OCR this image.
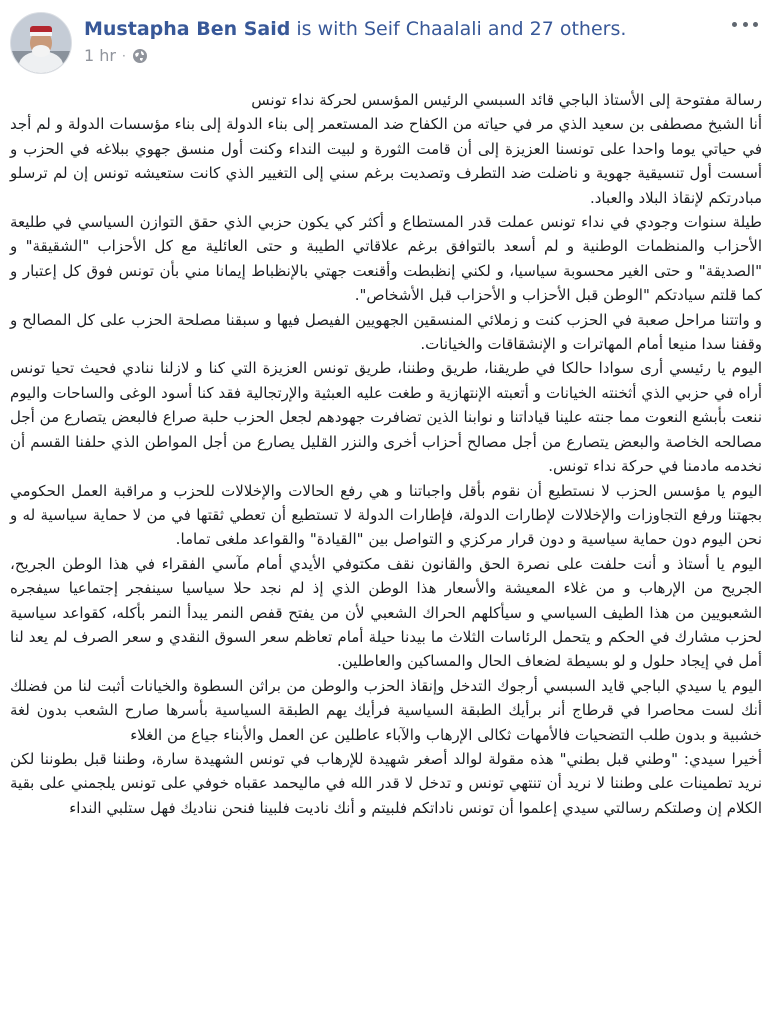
Mustapha Ben Said is with Seif Chaalali and 27 others.
1 hr ·

رسالة مفتوحة إلى الأستاذ الباجي قائد السبسي الرئيس المؤسس لحركة نداء تونس

أنا الشيخ مصطفى بن سعيد الذي مر في حياته من الكفاح ضد المستعمر إلى بناء الدولة إلى بناء مؤسسات الدولة و لم أجد في حياتي يوما واحدا على تونسنا العزيزة إلى أن قامت الثورة و لبيت النداء وكنت أول منسق جهوي ببلاغه في الحزب و أسست أول تنسيقية جهوية و ناضلت ضد التطرف وتصديت برغم سني إلى التغيير الذي كانت ستعيشه تونس إن لم ترسلو مبادرتكم لإنقاذ البلاد والعباد.

طيلة سنوات وجودي في نداء تونس عملت قدر المستطاع و أكثر كي يكون حزبي الذي حقق التوازن السياسي في طليعة الأحزاب والمنظمات الوطنية و لم أسعد بالتوافق برغم علاقاتي الطيبة و حتى العائلية مع كل الأحزاب "الشقيقة" و "الصديقة" و حتى الغير محسوبة سياسيا، و لكني إنظبطت وأقنعت جهتي بالإنظباط إيمانا مني بأن تونس فوق كل إعتبار و كما قلتم سيادتكم "الوطن قبل الأحزاب و الأحزاب قبل الأشخاص".

و واتتنا مراحل صعبة في الحزب كنت و زملائي المنسقين الجهويين الفيصل فيها و سبقنا مصلحة الحزب على كل المصالح و وقفنا سدا منيعا أمام المهاترات و الإنشقاقات والخيانات.

اليوم يا رئيسي أرى سوادا حالكا في طريقنا، طريق وطننا، طريق تونس العزيزة التي كنا و لازلنا ننادي فحيث تحيا تونس أراه في حزبي الذي أثخنته الخيانات و أتعبته الإنتهازية و طغت عليه العبثية والإرتجالية فقد كنا أسود الوغى والساحات واليوم ننعت بأبشع النعوت مما جنته علينا قياداتنا و نوابنا الذين تضافرت جهودهم لجعل الحزب حلبة صراع فالبعض يتصارع من أجل مصالحه الخاصة والبعض يتصارع من أجل مصالح أحزاب أخرى والنزر القليل يصارع من أجل المواطن الذي حلفنا القسم أن نخدمه مادمنا في حركة نداء تونس.

اليوم يا مؤسس الحزب لا نستطيع أن نقوم بأقل واجباتنا و هي رفع الحالات والإخلالات للحزب و مراقبة العمل الحكومي بجهتنا ورفع التجاوزات والإخلالات لإطارات الدولة، فإطارات الدولة لا تستطيع أن تعطي ثقتها في من لا حماية سياسية له و نحن اليوم دون حماية سياسية و دون قرار مركزي و التواصل بين "القيادة" والقواعد ملغى تماما.

اليوم يا أستاذ و أنت حلفت على نصرة الحق والقانون نقف مكتوفي الأيدي أمام مآسي الفقراء في هذا الوطن الجريح، الجريح من الإرهاب و من غلاء المعيشة والأسعار هذا الوطن الذي إذ لم نجد حلا سياسيا سينفجر إجتماعيا سيفجره الشعبويين من هذا الطيف السياسي و سيأكلهم الحراك الشعبي لأن من يفتح قفص النمر يبدأ النمر بأكله، كقواعد سياسية لحزب مشارك في الحكم و يتحمل الرئاسات الثلاث ما بيدنا حيلة أمام تعاظم سعر السوق النقدي و سعر الصرف لم يعد لنا أمل في إيجاد حلول و لو بسيطة لضعاف الحال والمساكين والعاطلين.

اليوم يا سيدي الباجي قايد السبسي أرجوك التدخل وإنقاذ الحزب والوطن من براثن السطوة والخيانات أثبت لنا من فضلك أنك لست محاصرا في قرطاج أنر برأيك الطبقة السياسية فرأيك يهم الطبقة السياسية بأسرها صارح الشعب بدون لغة خشبية و بدون طلب التضحيات فالأمهات ثكالى الإرهاب والآباء عاطلين عن العمل والأبناء جياع من الغلاء

أخيرا سيدي: "وطني قبل بطني" هذه مقولة لوالد أصغر شهيدة للإرهاب في تونس الشهيدة سارة، وطننا قبل بطوننا لكن نريد تطمينات على وطننا لا نريد أن تنتهي تونس و تدخل لا قدر الله في ماليحمد عقباه خوفي على تونس يلجمني على بقية الكلام إن وصلتكم رسالتي سيدي إعلموا أن تونس ناداتكم فلبيتم و أنك ناديت فلبينا فنحن نناديك فهل ستلبي النداء
